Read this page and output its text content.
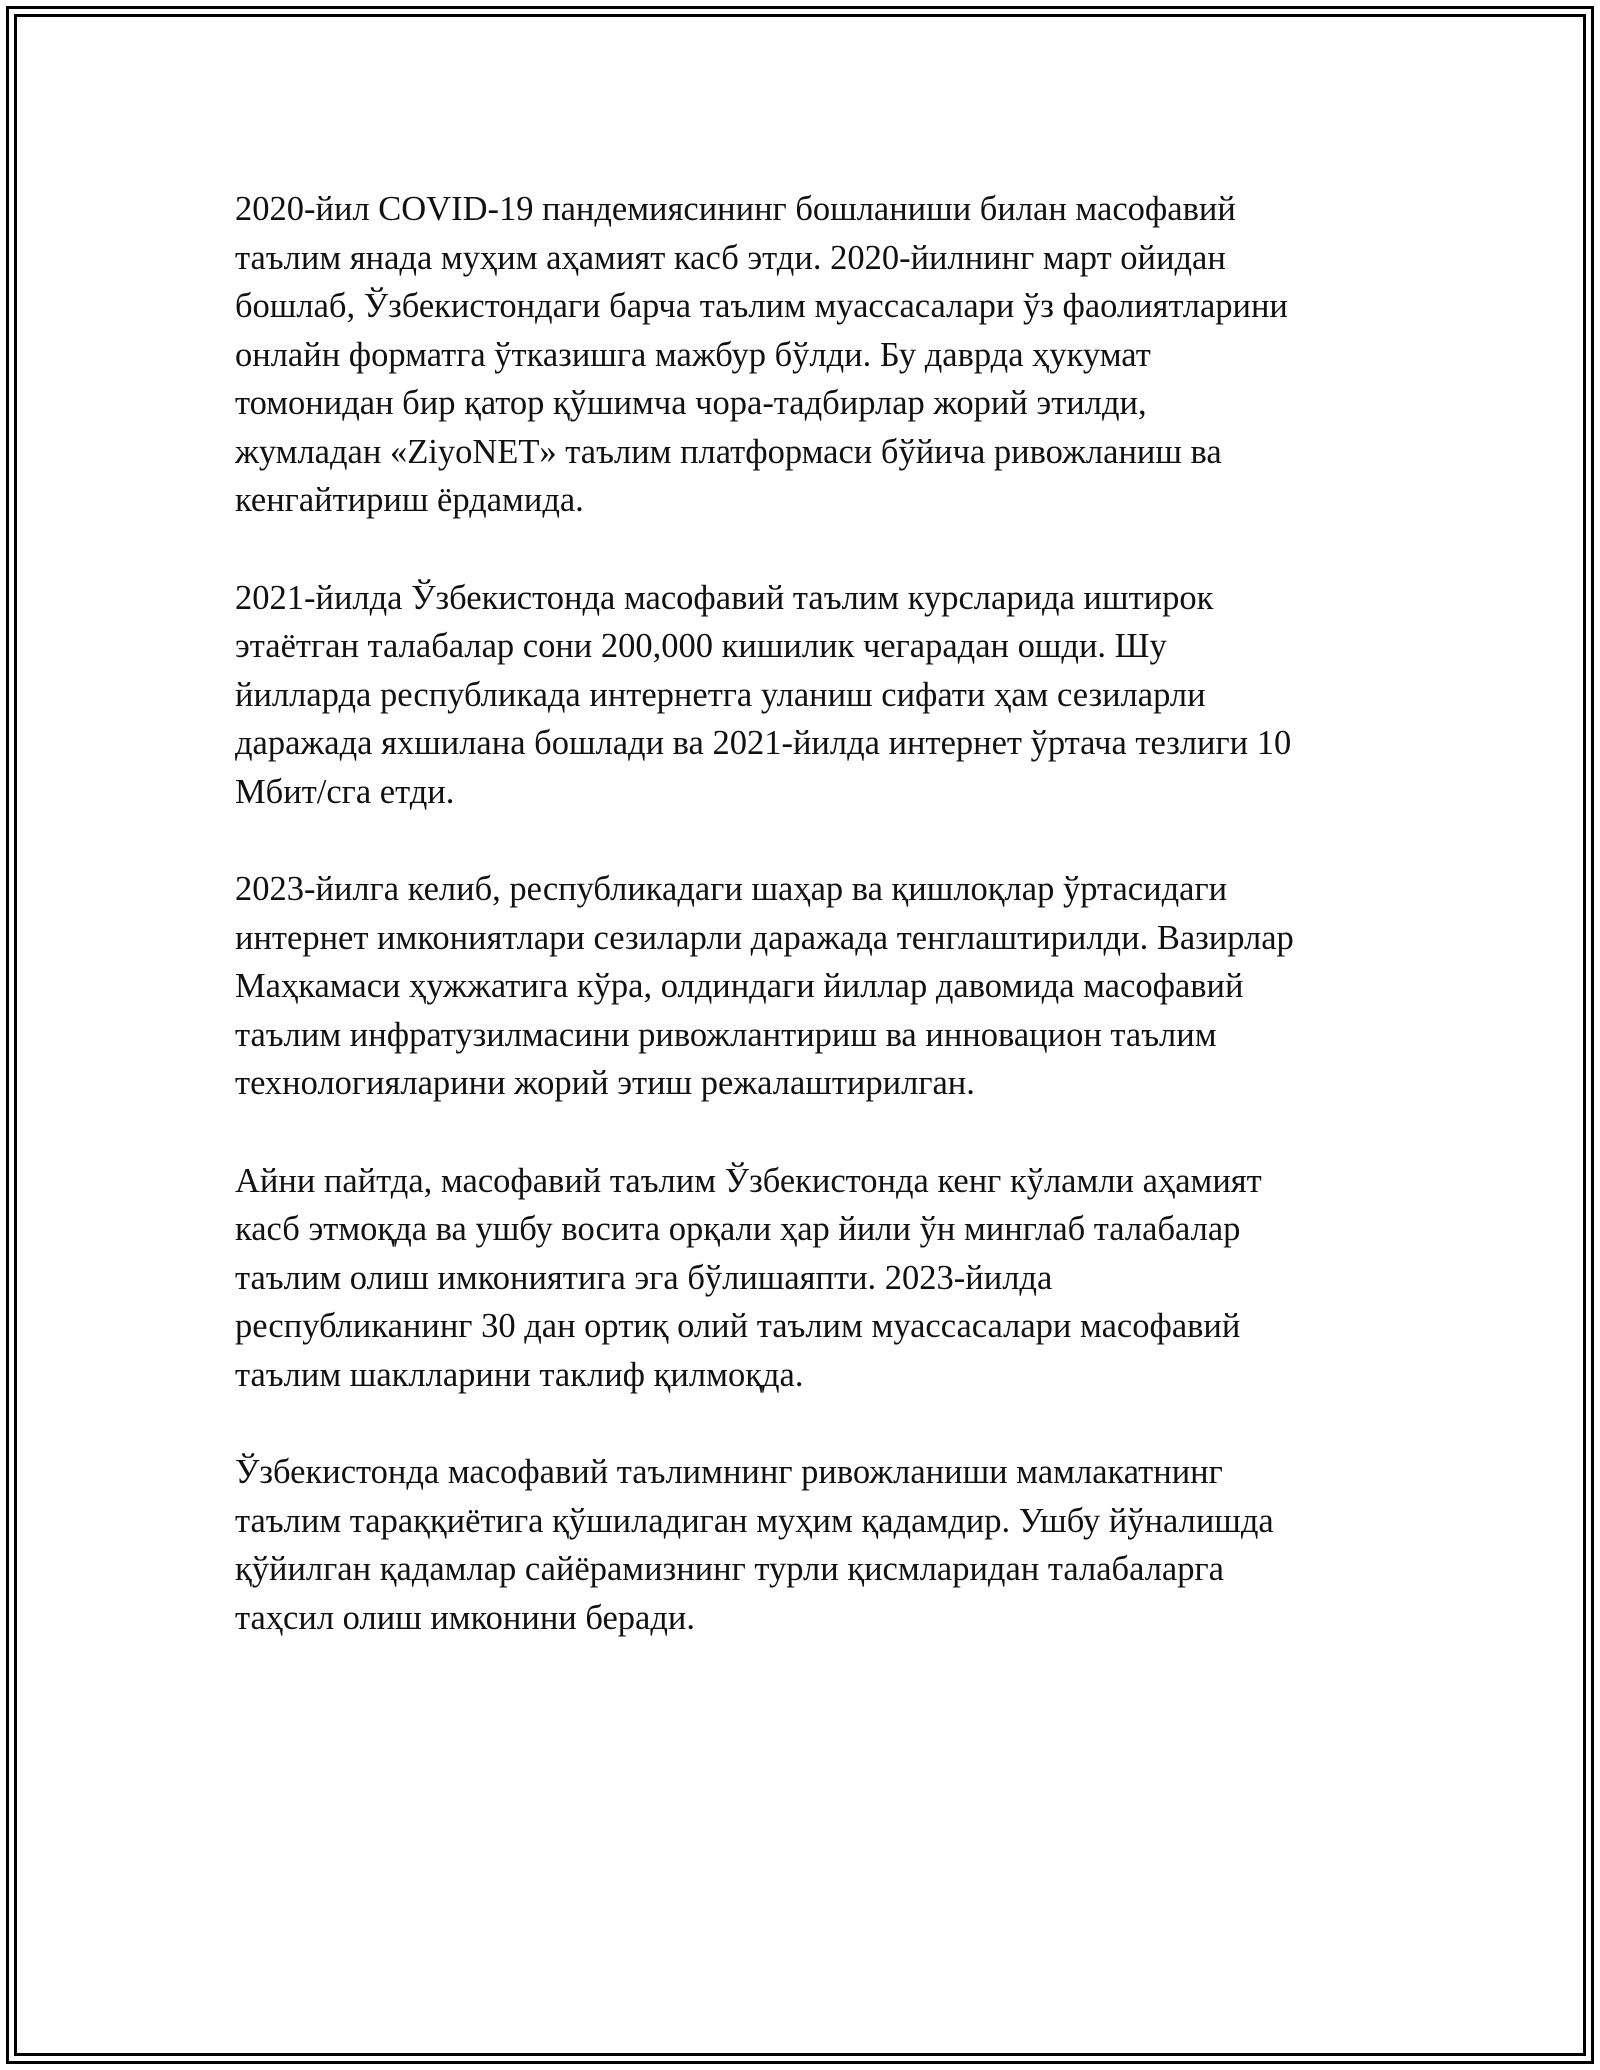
2020-йил COVID-19 пандемиясининг бошланиши билан масофавий
таълим янада муҳим аҳамият касб этди. 2020-йилнинг март ойидан
бошлаб, Ўзбекистондаги барча таълим муассасалари ўз фаолиятларини
онлайн форматга ўтказишга мажбур бўлди. Бу даврда ҳукумат
томонидан бир қатор қўшимча чора-тадбирлар жорий этилди,
жумладан «ZiyoNET» таълим платформаси бўйича ривожланиш ва
кенгайтириш ёрдамида.

2021-йилда Ўзбекистонда масофавий таълим курсларида иштирок
этаётган талабалар сони 200,000 кишилик чегарадан ошди. Шу
йилларда республикада интернетга уланиш сифати ҳам сезиларли
даражада яхшилана бошлади ва 2021-йилда интернет ўртача тезлиги 10
Мбит/сга етди.

2023-йилга келиб, республикадаги шаҳар ва қишлоқлар ўртасидаги
интернет имкониятлари сезиларли даражада тенглаштирилди. Вазирлар
Маҳкамаси ҳужжатига кўра, олдиндаги йиллар давомида масофавий
таълим инфратузилмасини ривожлантириш ва инновацион таълим
технологияларини жорий этиш режалаштирилган.

Айни пайтда, масофавий таълим Ўзбекистонда кенг кўламли аҳамият
касб этмоқда ва ушбу восита орқали ҳар йили ўн минглаб талабалар
таълим олиш имкониятига эга бўлишаяпти. 2023-йилда
республиканинг 30 дан ортиқ олий таълим муассасалари масофавий
таълим шаклларини таклиф қилмоқда.

Ўзбекистонда масофавий таълимнинг ривожланиши мамлакатнинг
таълим тараққиётига қўшиладиган муҳим қадамдир. Ушбу йўналишда
қўйилган қадамлар сайёрамизнинг турли қисмларидан талабаларга
таҳсил олиш имконини беради.
